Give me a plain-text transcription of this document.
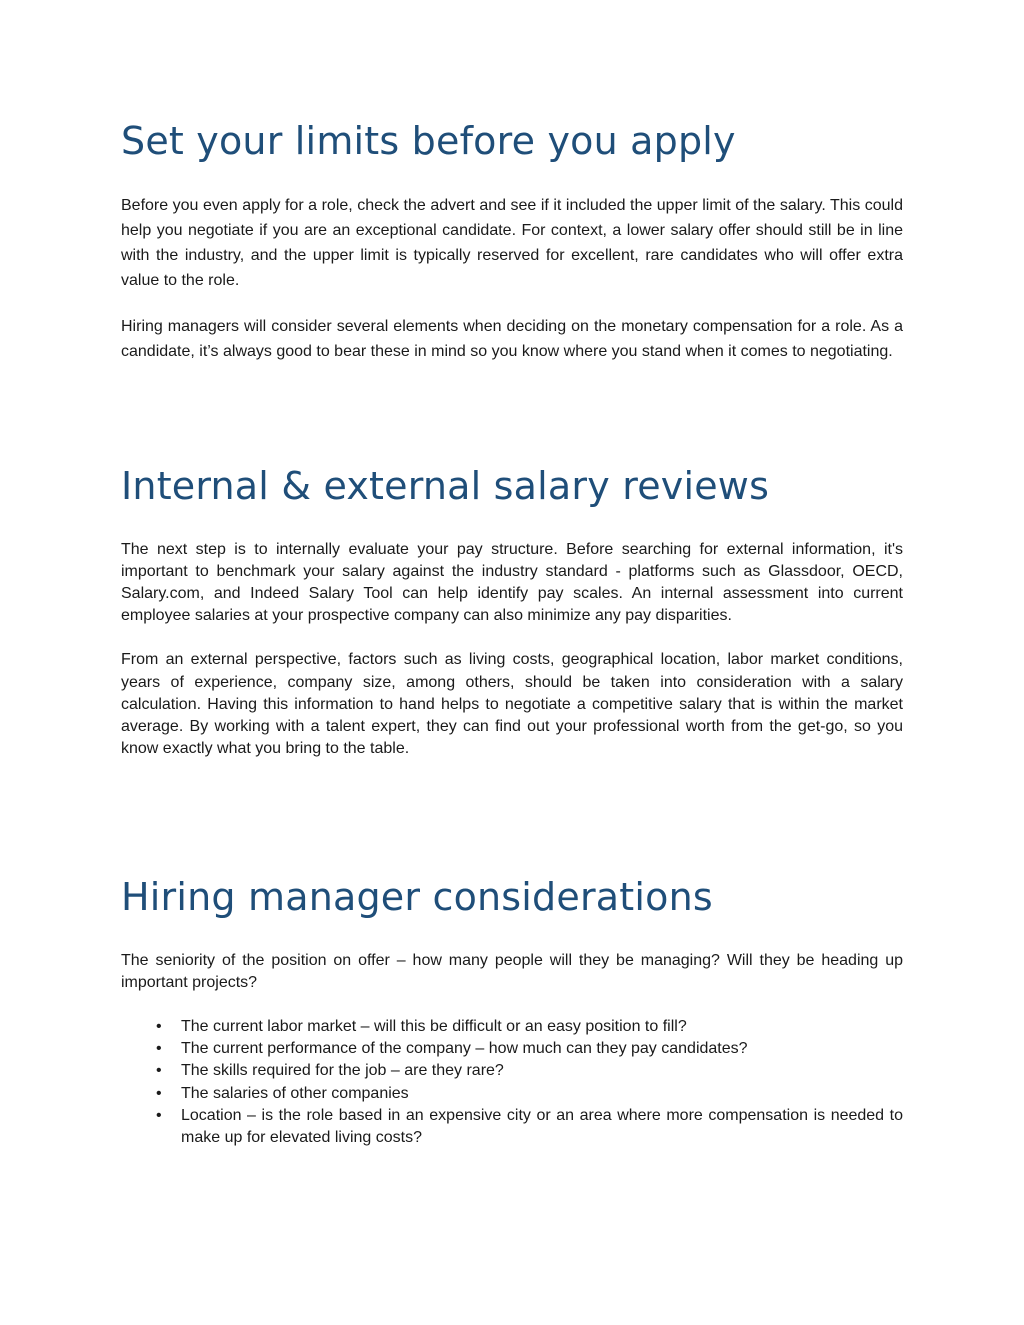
Set your limits before you apply

Before you even apply for a role, check the advert and see if it included the upper limit of the salary. This could help you negotiate if you are an exceptional candidate. For context, a lower salary offer should still be in line with the industry, and the upper limit is typically reserved for excellent, rare candidates who will offer extra value to the role.

Hiring managers will consider several elements when deciding on the monetary compensation for a role. As a candidate, it’s always good to bear these in mind so you know where you stand when it comes to negotiating.

Internal & external salary reviews

The next step is to internally evaluate your pay structure. Before searching for external information, it's important to benchmark your salary against the industry standard - platforms such as Glassdoor, OECD, Salary.com, and Indeed Salary Tool can help identify pay scales. An internal assessment into current employee salaries at your prospective company can also minimize any pay disparities.

From an external perspective, factors such as living costs, geographical location, labor market conditions, years of experience, company size, among others, should be taken into consideration with a salary calculation. Having this information to hand helps to negotiate a competitive salary that is within the market average. By working with a talent expert, they can find out your professional worth from the get-go, so you know exactly what you bring to the table.

Hiring manager considerations

The seniority of the position on offer – how many people will they be managing? Will they be heading up important projects?

• The current labor market – will this be difficult or an easy position to fill?
• The current performance of the company – how much can they pay candidates?
• The skills required for the job – are they rare?
• The salaries of other companies
• Location – is the role based in an expensive city or an area where more compensation is needed to make up for elevated living costs?
